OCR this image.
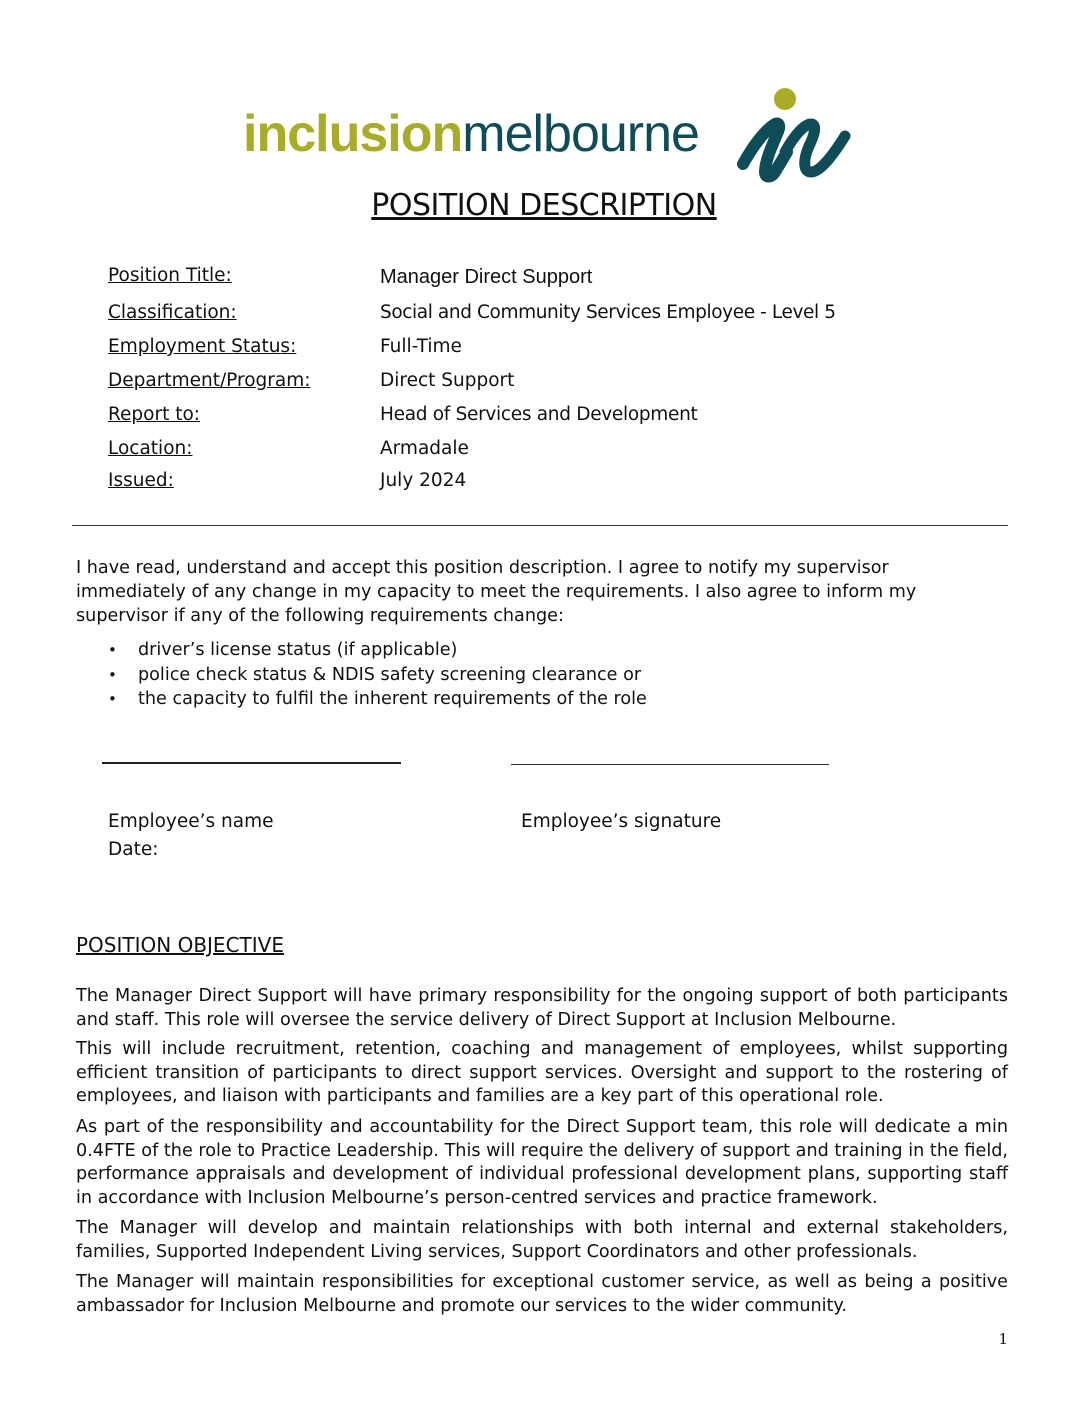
inclusionmelbourne
POSITION DESCRIPTION
Position Title:	Manager Direct Support
Classification:	Social and Community Services Employee - Level 5
Employment Status:	Full-Time
Department/Program:	Direct Support
Report to:	Head of Services and Development
Location:	Armadale
Issued:	July 2024
I have read, understand and accept this position description. I agree to notify my supervisor immediately of any change in my capacity to meet the requirements. I also agree to inform my supervisor if any of the following requirements change:
• driver’s license status (if applicable)
• police check status & NDIS safety screening clearance or
• the capacity to fulfil the inherent requirements of the role
Employee’s name	Employee’s signature
Date:
POSITION OBJECTIVE
The Manager Direct Support will have primary responsibility for the ongoing support of both participants and staff. This role will oversee the service delivery of Direct Support at Inclusion Melbourne.
This will include recruitment, retention, coaching and management of employees, whilst supporting efficient transition of participants to direct support services. Oversight and support to the rostering of employees, and liaison with participants and families are a key part of this operational role.
As part of the responsibility and accountability for the Direct Support team, this role will dedicate a min 0.4FTE of the role to Practice Leadership. This will require the delivery of support and training in the field, performance appraisals and development of individual professional development plans, supporting staff in accordance with Inclusion Melbourne’s person-centred services and practice framework.
The Manager will develop and maintain relationships with both internal and external stakeholders, families, Supported Independent Living services, Support Coordinators and other professionals.
The Manager will maintain responsibilities for exceptional customer service, as well as being a positive ambassador for Inclusion Melbourne and promote our services to the wider community.
1
